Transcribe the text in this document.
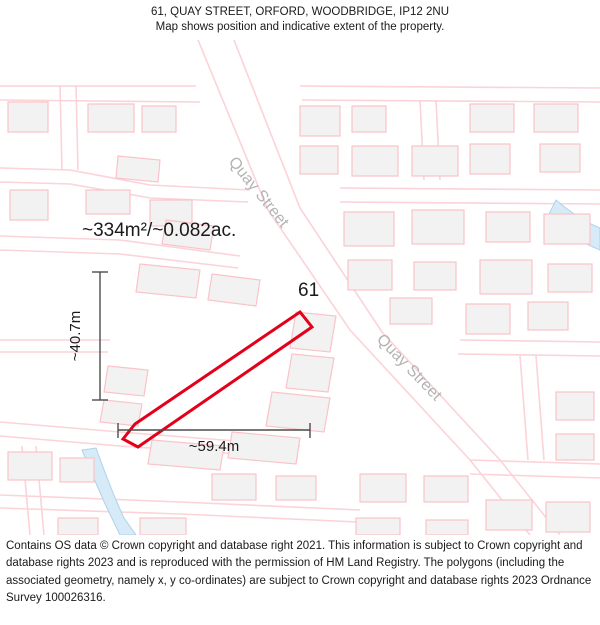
61, QUAY STREET, ORFORD, WOODBRIDGE, IP12 2NU
Map shows position and indicative extent of the property.
~334m²/~0.082ac.
61
~40.7m
~59.4m
Quay Street
Quay Street
Contains OS data © Crown copyright and database right 2021. This information is subject to Crown copyright and database rights 2023 and is reproduced with the permission of HM Land Registry. The polygons (including the associated geometry, namely x, y co-ordinates) are subject to Crown copyright and database rights 2023 Ordnance Survey 100026316.
